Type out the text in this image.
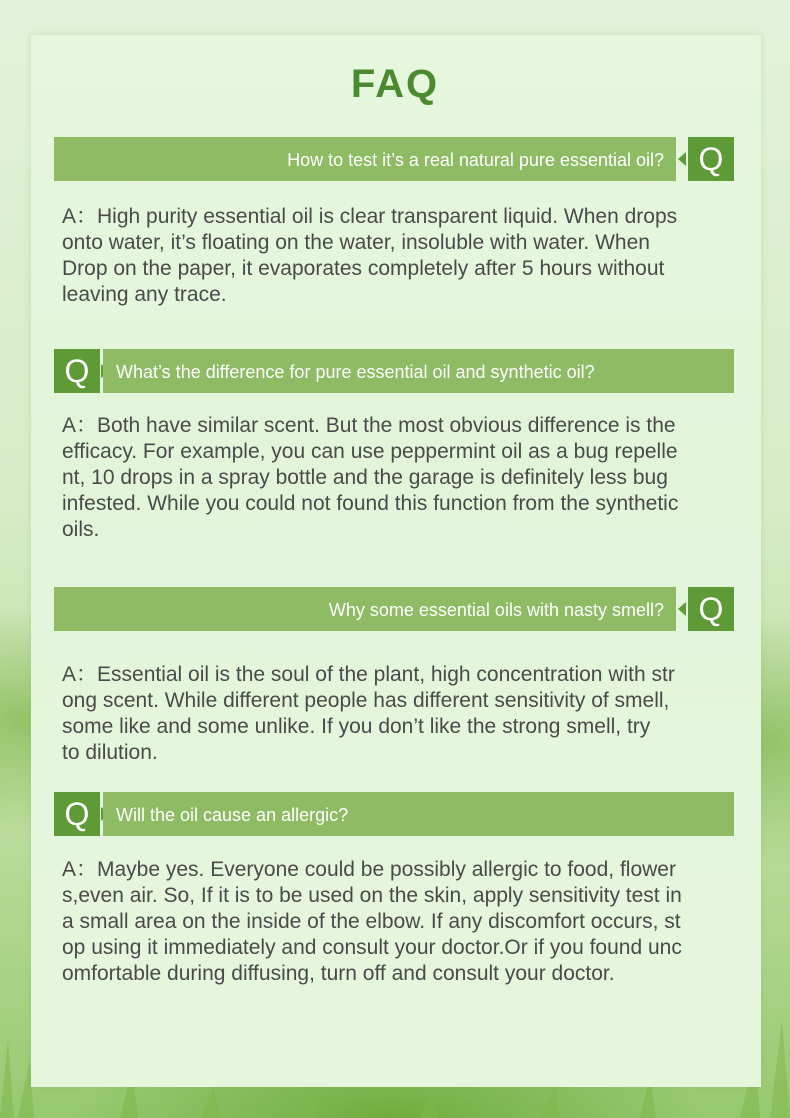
FAQ
How to test it’s a real natural pure essential oil?	Q
A：High purity essential oil is clear transparent liquid. When drops
onto water, it’s floating on the water, insoluble with water. When
Drop on the paper, it evaporates completely after 5 hours without
leaving any trace.
Q	What’s the difference for pure essential oil and synthetic oil?
A：Both have similar scent. But the most obvious difference is the
efficacy. For example, you can use peppermint oil as a bug repelle
nt, 10 drops in a spray bottle and the garage is definitely less bug
infested. While you could not found this function from the synthetic
oils.
Why some essential oils with nasty smell?	Q
A：Essential oil is the soul of the plant, high concentration with str
ong scent. While different people has different sensitivity of smell,
some like and some unlike. If you don’t like the strong smell, try
to dilution.
Q	Will the oil cause an allergic?
A：Maybe yes. Everyone could be possibly allergic to food, flower
s,even air. So, If it is to be used on the skin, apply sensitivity test in
a small area on the inside of the elbow. If any discomfort occurs, st
op using it immediately and consult your doctor.Or if you found unc
omfortable during diffusing, turn off and consult your doctor.
